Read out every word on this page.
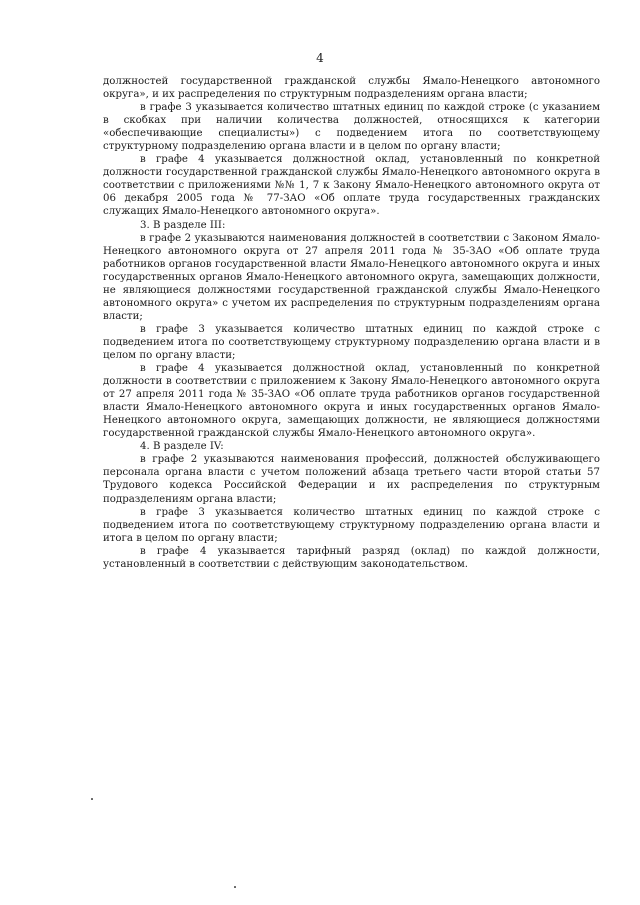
4

должностей государственной гражданской службы Ямало-Ненецкого автономного округа», и их распределения по структурным подразделениям органа власти;

в графе 3 указывается количество штатных единиц по каждой строке (с указанием в скобках при наличии количества должностей, относящихся к категории «обеспечивающие специалисты») с подведением итога по соответствующему структурному подразделению органа власти и в целом по органу власти;

в графе 4 указывается должностной оклад, установленный по конкретной должности государственной гражданской службы Ямало-Ненецкого автономного округа в соответствии с приложениями №№ 1, 7 к Закону Ямало-Ненецкого автономного округа от 06 декабря 2005 года № 77-ЗАО «Об оплате труда государственных гражданских служащих Ямало-Ненецкого автономного округа».

3. В разделе III:

в графе 2 указываются наименования должностей в соответствии с Законом Ямало-Ненецкого автономного округа от 27 апреля 2011 года № 35-ЗАО «Об оплате труда работников органов государственной власти Ямало-Ненецкого автономного округа и иных государственных органов Ямало-Ненецкого автономного округа, замещающих должности, не являющиеся должностями государственной гражданской службы Ямало-Ненецкого автономного округа» с учетом их распределения по структурным подразделениям органа власти;

в графе 3 указывается количество штатных единиц по каждой строке с подведением итога по соответствующему структурному подразделению органа власти и в целом по органу власти;

в графе 4 указывается должностной оклад, установленный по конкретной должности в соответствии с приложением к Закону Ямало-Ненецкого автономного округа от 27 апреля 2011 года № 35-ЗАО «Об оплате труда работников органов государственной власти Ямало-Ненецкого автономного округа и иных государственных органов Ямало-Ненецкого автономного округа, замещающих должности, не являющиеся должностями государственной гражданской службы Ямало-Ненецкого автономного округа».

4. В разделе IV:

в графе 2 указываются наименования профессий, должностей обслуживающего персонала органа власти с учетом положений абзаца третьего части второй статьи 57 Трудового кодекса Российской Федерации и их распределения по структурным подразделениям органа власти;

в графе 3 указывается количество штатных единиц по каждой строке с подведением итога по соответствующему структурному подразделению органа власти и итога в целом по органу власти;

в графе 4 указывается тарифный разряд (оклад) по каждой должности, установленный в соответствии с действующим законодательством.
